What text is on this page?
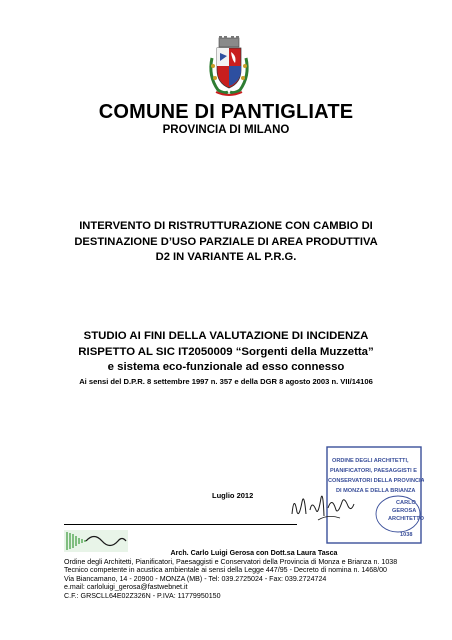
COMUNE DI PANTIGLIATE
PROVINCIA DI MILANO
INTERVENTO DI RISTRUTTURAZIONE CON CAMBIO DI
DESTINAZIONE D’USO PARZIALE DI AREA PRODUTTIVA
D2 IN VARIANTE AL P.R.G.
STUDIO AI FINI DELLA VALUTAZIONE DI INCIDENZA
RISPETTO AL SIC IT2050009 “Sorgenti della Muzzetta”
e sistema eco-funzionale ad esso connesso
Ai sensi del D.P.R. 8 settembre 1997 n. 357 e della DGR 8 agosto 2003 n. VII/14106
ORDINE DEGLI ARCHITETTI,
PIANIFICATORI, PAESAGGISTI E
CONSERVATORI DELLA PROVINCIA
DI MONZA E DELLA BRIANZA
CARLO
GEROSA
ARCHITETTO
1038
Luglio 2012
Arch. Carlo Luigi Gerosa con Dott.sa Laura Tasca
Ordine degli Architetti, Pianificatori, Paesaggisti e Conservatori della Provincia di Monza e Brianza n. 1038
Tecnico competente in acustica ambientale ai sensi della Legge 447/95 - Decreto di nomina n. 1468/00
Via Biancamano, 14 - 20900 - MONZA (MB) - Tel: 039.2725024 - Fax: 039.2724724
e.mail: carloluigi_gerosa@fastwebnet.it
C.F.: GRSCLL64E02Z326N - P.IVA: 11779950150
